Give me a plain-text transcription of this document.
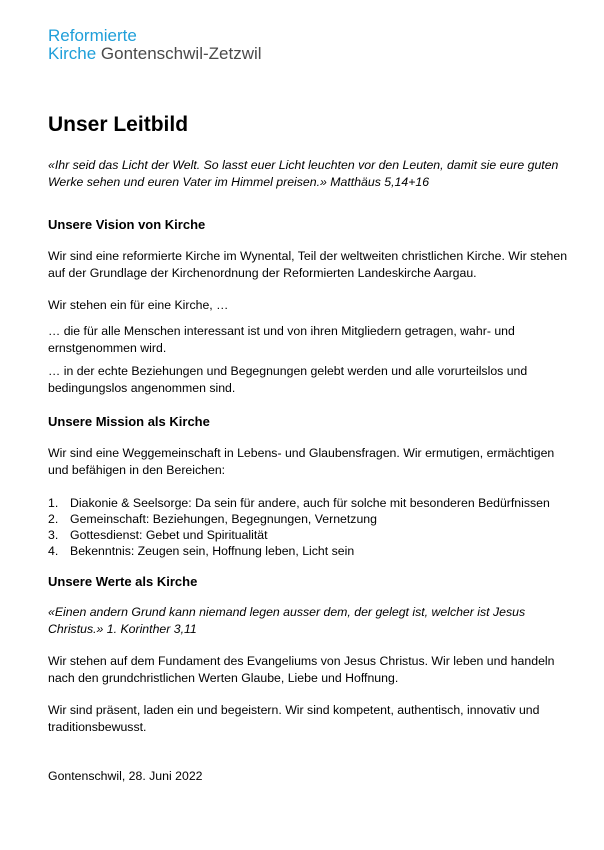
Reformierte
Kirche Gontenschwil-Zetzwil
Unser Leitbild

«Ihr seid das Licht der Welt. So lasst euer Licht leuchten vor den Leuten, damit sie eure guten Werke sehen und euren Vater im Himmel preisen.» Matthäus 5,14+16

Unsere Vision von Kirche

Wir sind eine reformierte Kirche im Wynental, Teil der weltweiten christlichen Kirche. Wir stehen auf der Grundlage der Kirchenordnung der Reformierten Landeskirche Aargau.

Wir stehen ein für eine Kirche, …

… die für alle Menschen interessant ist und von ihren Mitgliedern getragen, wahr- und ernstgenommen wird.

… in der echte Beziehungen und Begegnungen gelebt werden und alle vorurteilslos und bedingungslos angenommen sind.

Unsere Mission als Kirche

Wir sind eine Weggemeinschaft in Lebens- und Glaubensfragen. Wir ermutigen, ermächtigen und befähigen in den Bereichen:

1. Diakonie & Seelsorge: Da sein für andere, auch für solche mit besonderen Bedürfnissen
2. Gemeinschaft: Beziehungen, Begegnungen, Vernetzung
3. Gottesdienst: Gebet und Spiritualität
4. Bekenntnis: Zeugen sein, Hoffnung leben, Licht sein
Unsere Werte als Kirche

«Einen andern Grund kann niemand legen ausser dem, der gelegt ist, welcher ist Jesus Christus.» 1. Korinther 3,11

Wir stehen auf dem Fundament des Evangeliums von Jesus Christus. Wir leben und handeln nach den grundchristlichen Werten Glaube, Liebe und Hoffnung.

Wir sind präsent, laden ein und begeistern. Wir sind kompetent, authentisch, innovativ und traditionsbewusst.

Gontenschwil, 28. Juni 2022
